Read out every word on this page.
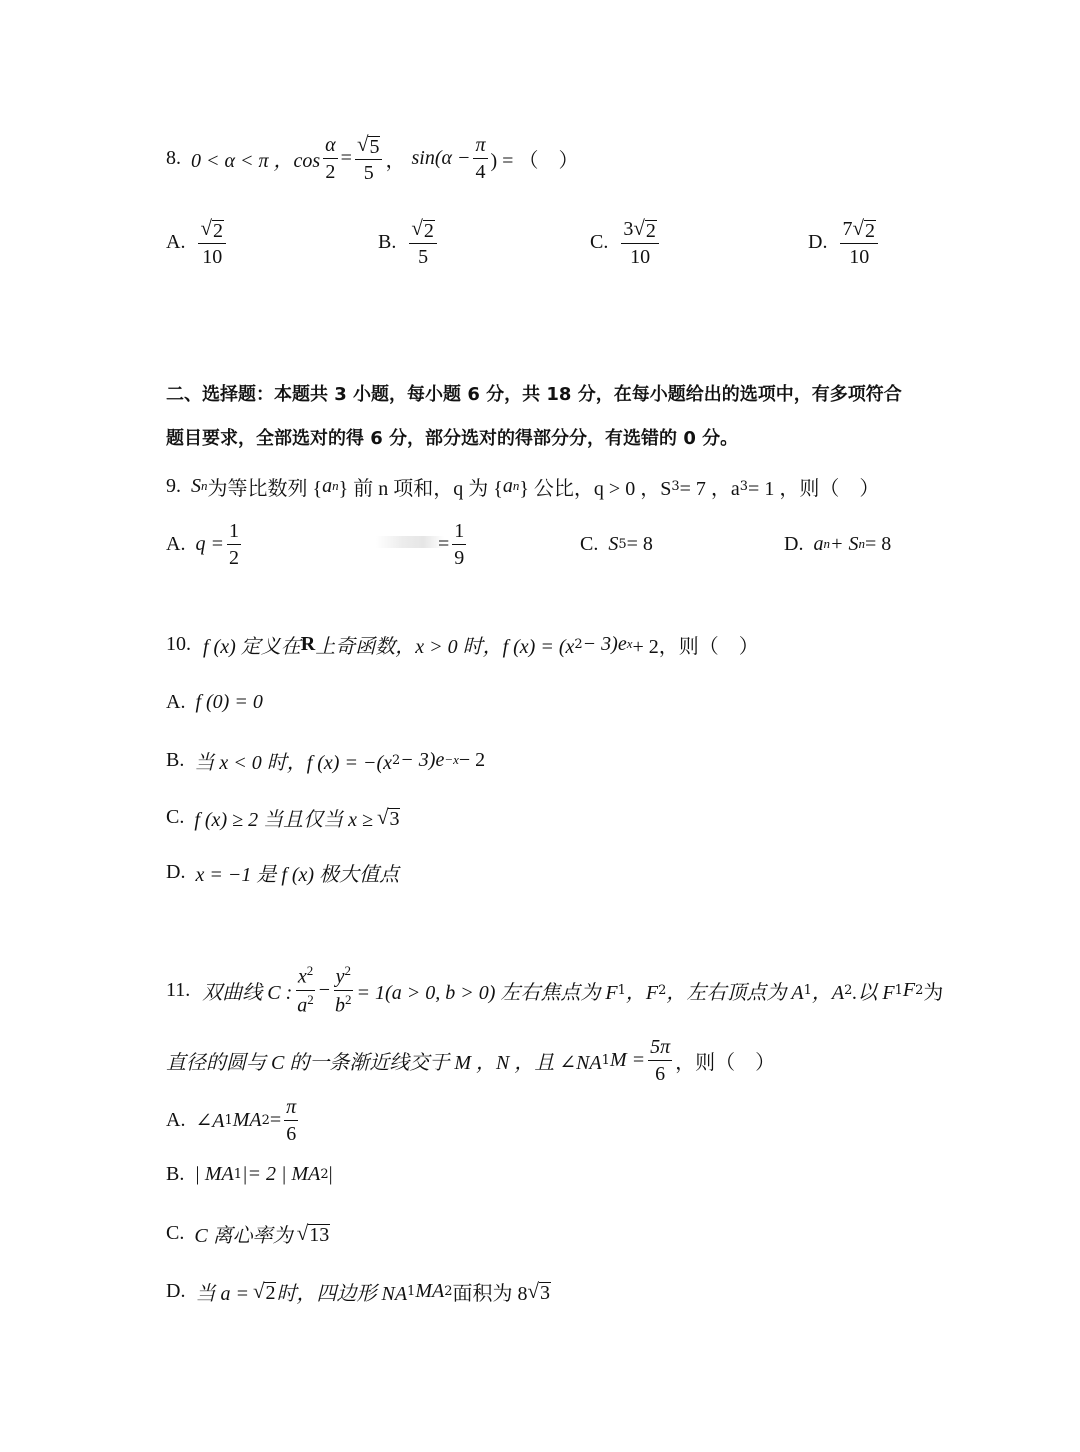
8. 0 < α < π ，$\cos \frac{\alpha}{2} = \frac{√ 5}{5}$ ， $\sin(\alpha - \frac{\pi}{4}$ ) = （　）
A. $\frac{√ 2}{10}$	B. $\frac{√ 2}{5}$	C. $\frac{3 √ 2}{10}$	D. $\frac{7 √ 2}{10}$
二、选择题：本题共 3 小题，每小题 6 分，共 18 分，在每小题给出的选项中，有多项符合
题目要求，全部选对的得 6 分，部分选对的得部分分，有选错的 0 分。
9. S n 为等比数列 { a n } 前 n 项和，q 为 { a n } 公比，q > 0 ，S 3 = 7 ，a 3 = 1 ，则（　）
A. $q = \frac{1}{2}$	= $\frac{1}{9}$	C. S 5 = 8	D. a n + S n = 8
10. f (x) 定义在 R 上奇函数，x > 0 时，f (x) = (x 2 − 3)e x + 2，则（　）
A. f (0) = 0
B. 当 x < 0 时，f (x) = −(x 2 − 3)e −x − 2
C. f (x) ≥ 2 当且仅当 x ≥ √ 3
D. x = −1 是 f (x) 极大值点
11. 双曲线 C : $\frac{x^2}{a^2} - \frac{y^2}{b^2} = 1(a > 0$, b > 0) 左右焦点为 F 1 ，F 2 ，左右顶点为 A 1 ，A 2 .以 F 1 F 2 为
直径的圆与 C 的一条渐近线交于 M ，N ，且 ∠NA 1 $M = \frac{5\pi}{6}$ ，则（　）
A. ∠A 1 MA $2 = \frac{\pi}{6}$
B. | MA 1 |= 2 | MA 2 |
C. C 离心率为 √ 13
D. 当 a = √ 2 时，四边形 NA 1 MA 2 面积为 8 √ 3
